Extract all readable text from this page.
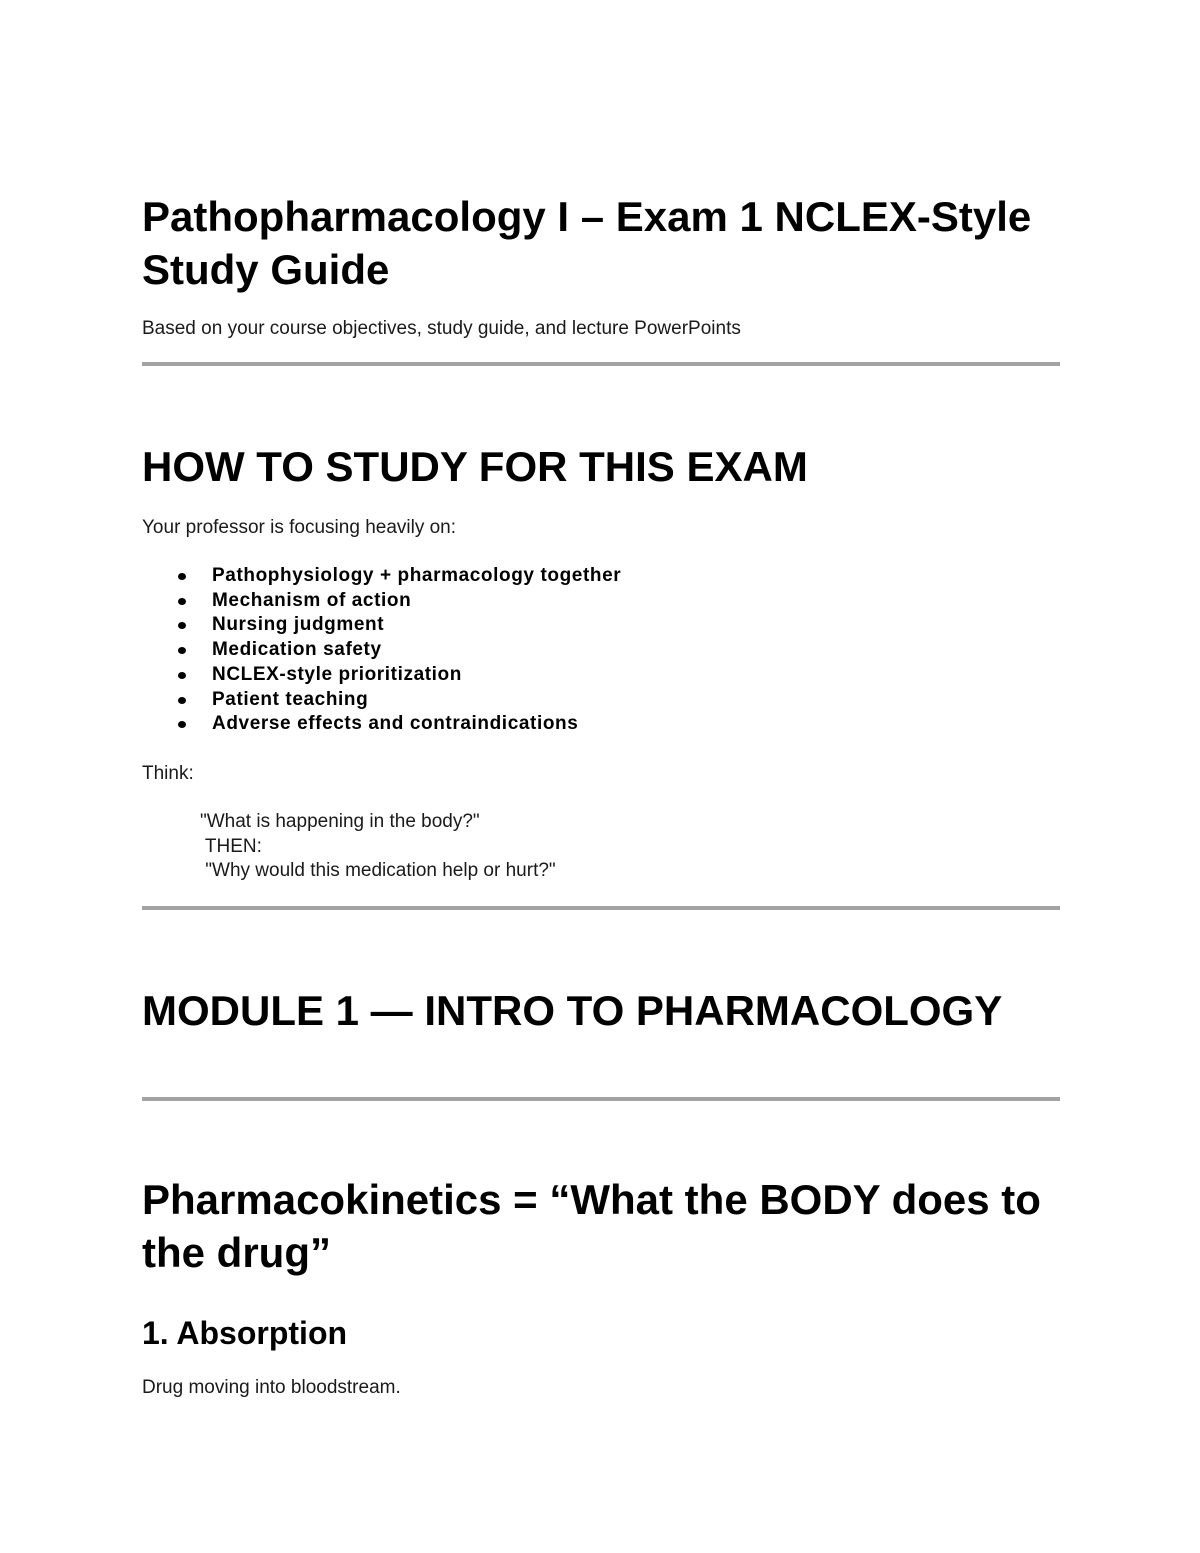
Pathopharmacology I – Exam 1 NCLEX-Style Study Guide

Based on your course objectives, study guide, and lecture PowerPoints

HOW TO STUDY FOR THIS EXAM

Your professor is focusing heavily on:

Pathophysiology + pharmacology together
Mechanism of action
Nursing judgment
Medication safety
NCLEX-style prioritization
Patient teaching
Adverse effects and contraindications

Think:

"What is happening in the body?"
THEN:
"Why would this medication help or hurt?"
MODULE 1 — INTRO TO PHARMACOLOGY
Pharmacokinetics = “What the BODY does to the drug”
1. Absorption

Drug moving into bloodstream.
